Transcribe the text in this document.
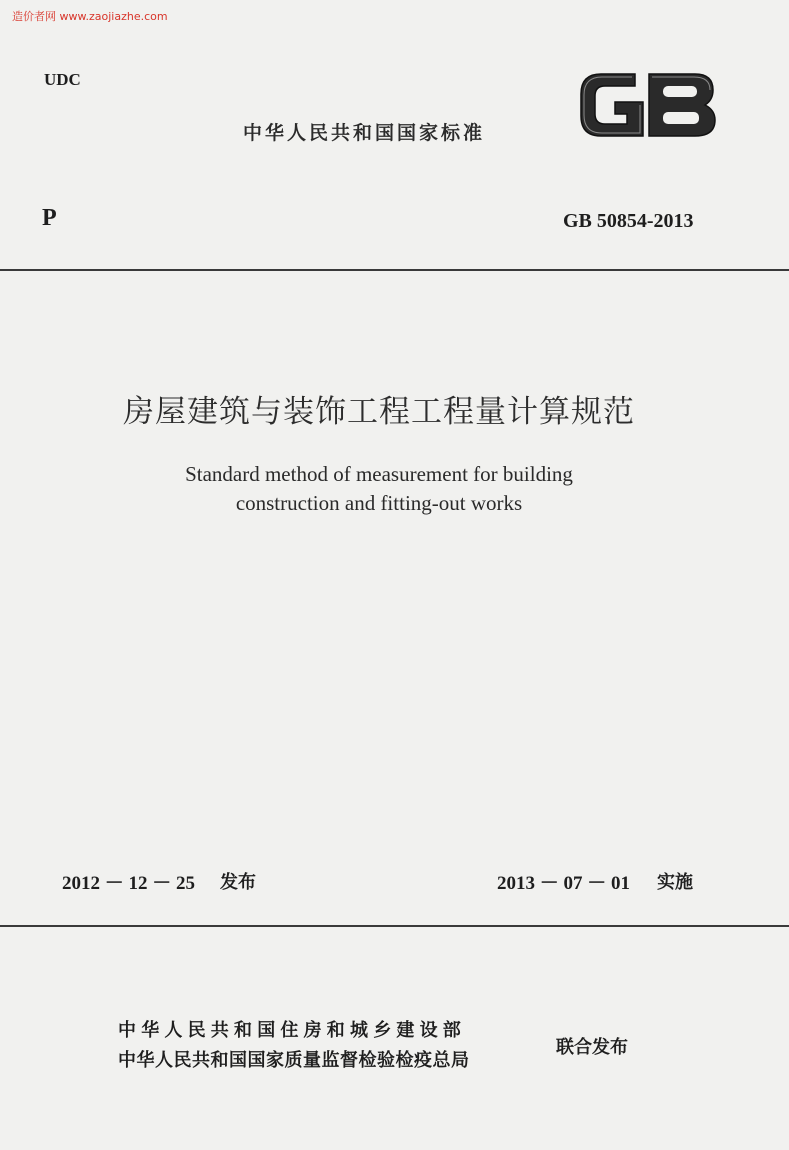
造价者网 www.zaojiazhe.com
UDC
中华人民共和国国家标准
P	GB 50854-2013
房屋建筑与装饰工程工程量计算规范
Standard method of measurement for building
construction and fitting-out works
2012 － 12 － 25 发布	2013 － 07 － 01 实施
中华人民共和国住房和城乡建设部
中华人民共和国国家质量监督检验检疫总局
联合发布
